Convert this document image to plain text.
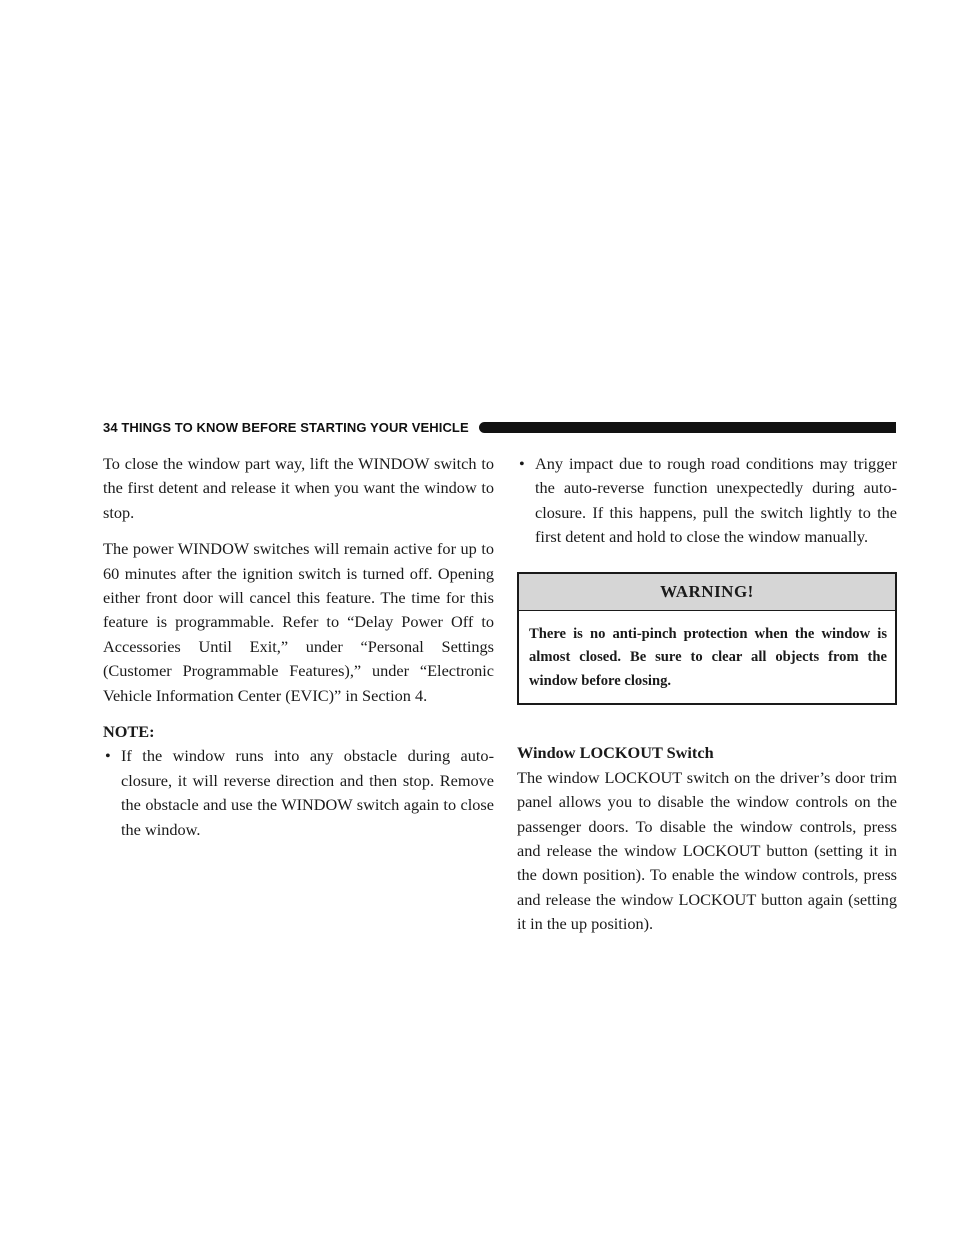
34 THINGS TO KNOW BEFORE STARTING YOUR VEHICLE

To close the window part way, lift the WINDOW switch to the first detent and release it when you want the window to stop.

The power WINDOW switches will remain active for up to 60 minutes after the ignition switch is turned off. Opening either front door will cancel this feature. The time for this feature is programmable. Refer to “Delay Power Off to Accessories Until Exit,” under “Personal Settings (Customer Programmable Features),” under “Electronic Vehicle Information Center (EVIC)” in Section 4.

NOTE:

• If the window runs into any obstacle during auto-closure, it will reverse direction and then stop. Remove the obstacle and use the WINDOW switch again to close the window.
• Any impact due to rough road conditions may trigger the auto-reverse function unexpectedly during auto-closure. If this happens, pull the switch lightly to the first detent and hold to close the window manually.
WARNING!
There is no anti-pinch protection when the window is almost closed. Be sure to clear all objects from the window before closing.

Window LOCKOUT Switch

The window LOCKOUT switch on the driver’s door trim panel allows you to disable the window controls on the passenger doors. To disable the window controls, press and release the window LOCKOUT button (setting it in the down position). To enable the window controls, press and release the window LOCKOUT button again (setting it in the up position).
